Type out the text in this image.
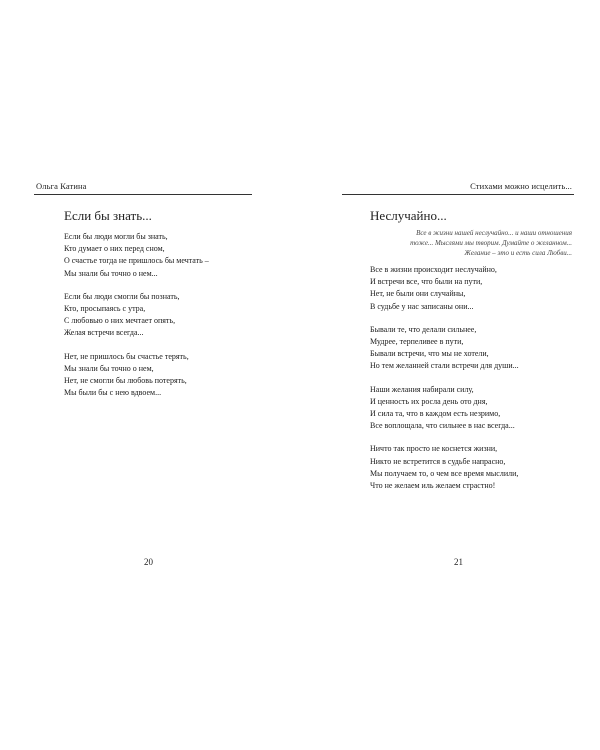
Ольга Катина
Если бы знать...
Если бы люди могли бы знать,
Кто думает о них перед сном,
О счастье тогда не пришлось бы мечтать –
Мы знали бы точно о нем...
Если бы люди смогли бы познать,
Кто, просыпаясь с утра,
С любовью о них мечтает опять,
Желая встречи всегда...
Нет, не пришлось бы счастье терять,
Мы знали бы точно о нем,
Нет, не смогли бы любовь потерять,
Мы были бы с нею вдвоем...
20
Стихами можно исцелить...
Неслучайно...
Все в жизни нашей неслучайно... и наши отношения
тоже... Мыслями мы творим. Думайте о желанном...
Желание – это и есть сила Любви...
Все в жизни происходит неслучайно,
И встречи все, что были на пути,
Нет, не были они случайны,
В судьбе у нас записаны они...
Бывали те, что делали сильнее,
Мудрее, терпеливее в пути,
Бывали встречи, что мы не хотели,
Но тем желанней стали встречи для души...
Наши желания набирали силу,
И ценность их росла день ото дня,
И сила та, что в каждом есть незримо,
Все воплощала, что сильнее в нас всегда...
Ничто так просто не коснется жизни,
Никто не встретится в судьбе напрасно,
Мы получаем то, о чем все время мыслили,
Что не желаем иль желаем страстно!
21
